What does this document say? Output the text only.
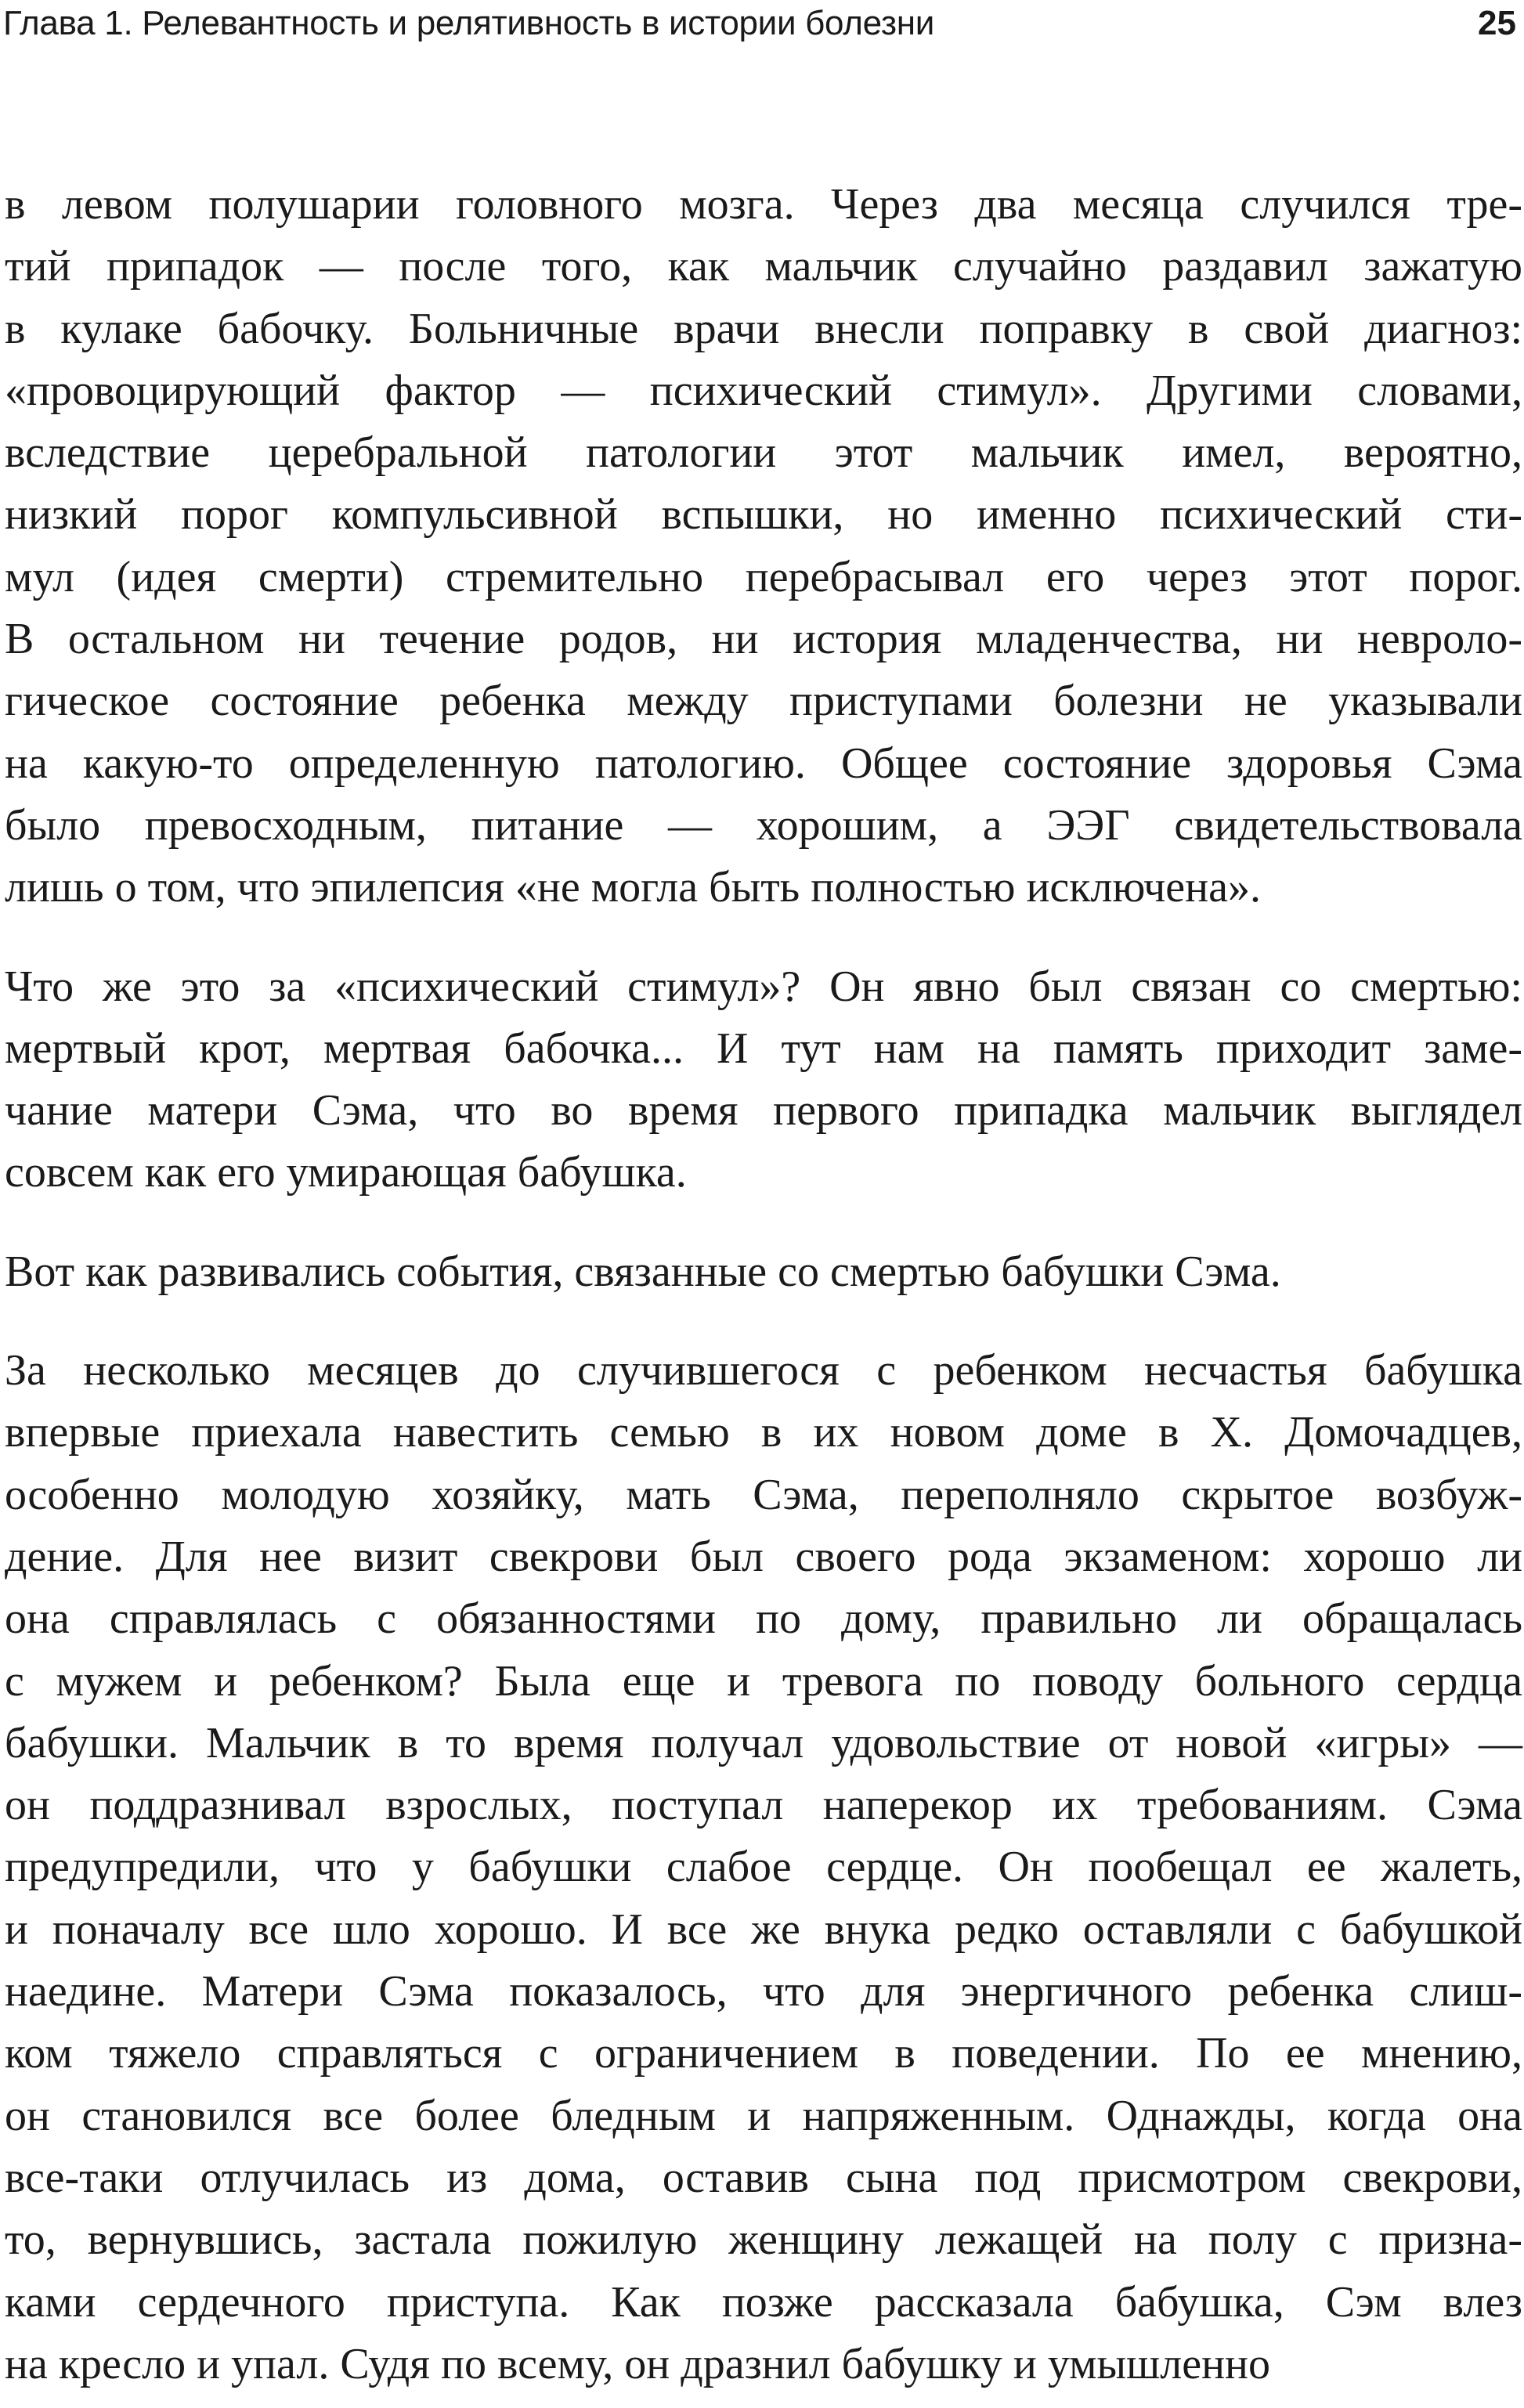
Глава 1. Релевантность и релятивность в истории болезни	25

в левом полушарии головного мозга. Через два месяца случился тре-
тий припадок — после того, как мальчик случайно раздавил зажатую
в кулаке бабочку. Больничные врачи внесли поправку в свой диагноз:
«провоцирующий фактор — психический стимул». Другими словами,
вследствие церебральной патологии этот мальчик имел, вероятно,
низкий порог компульсивной вспышки, но именно психический сти-
мул (идея смерти) стремительно перебрасывал его через этот порог.
В остальном ни течение родов, ни история младенчества, ни невроло-
гическое состояние ребенка между приступами болезни не указывали
на какую-то определенную патологию. Общее состояние здоровья Сэма
было превосходным, питание — хорошим, а ЭЭГ свидетельствовала
лишь о том, что эпилепсия «не могла быть полностью исключена».

Что же это за «психический стимул»? Он явно был связан со смертью:
мертвый крот, мертвая бабочка... И тут нам на память приходит заме-
чание матери Сэма, что во время первого припадка мальчик выглядел
совсем как его умирающая бабушка.

Вот как развивались события, связанные со смертью бабушки Сэма.

За несколько месяцев до случившегося с ребенком несчастья бабушка
впервые приехала навестить семью в их новом доме в Х. Домочадцев,
особенно молодую хозяйку, мать Сэма, переполняло скрытое возбуж-
дение. Для нее визит свекрови был своего рода экзаменом: хорошо ли
она справлялась с обязанностями по дому, правильно ли обращалась
с мужем и ребенком? Была еще и тревога по поводу больного сердца
бабушки. Мальчик в то время получал удовольствие от новой «игры» —
он поддразнивал взрослых, поступал наперекор их требованиям. Сэма
предупредили, что у бабушки слабое сердце. Он пообещал ее жалеть,
и поначалу все шло хорошо. И все же внука редко оставляли с бабушкой
наедине. Матери Сэма показалось, что для энергичного ребенка слиш-
ком тяжело справляться с ограничением в поведении. По ее мнению,
он становился все более бледным и напряженным. Однажды, когда она
все-таки отлучилась из дома, оставив сына под присмотром свекрови,
то, вернувшись, застала пожилую женщину лежащей на полу с призна-
ками сердечного приступа. Как позже рассказала бабушка, Сэм влез
на кресло и упал. Судя по всему, он дразнил бабушку и умышленно
